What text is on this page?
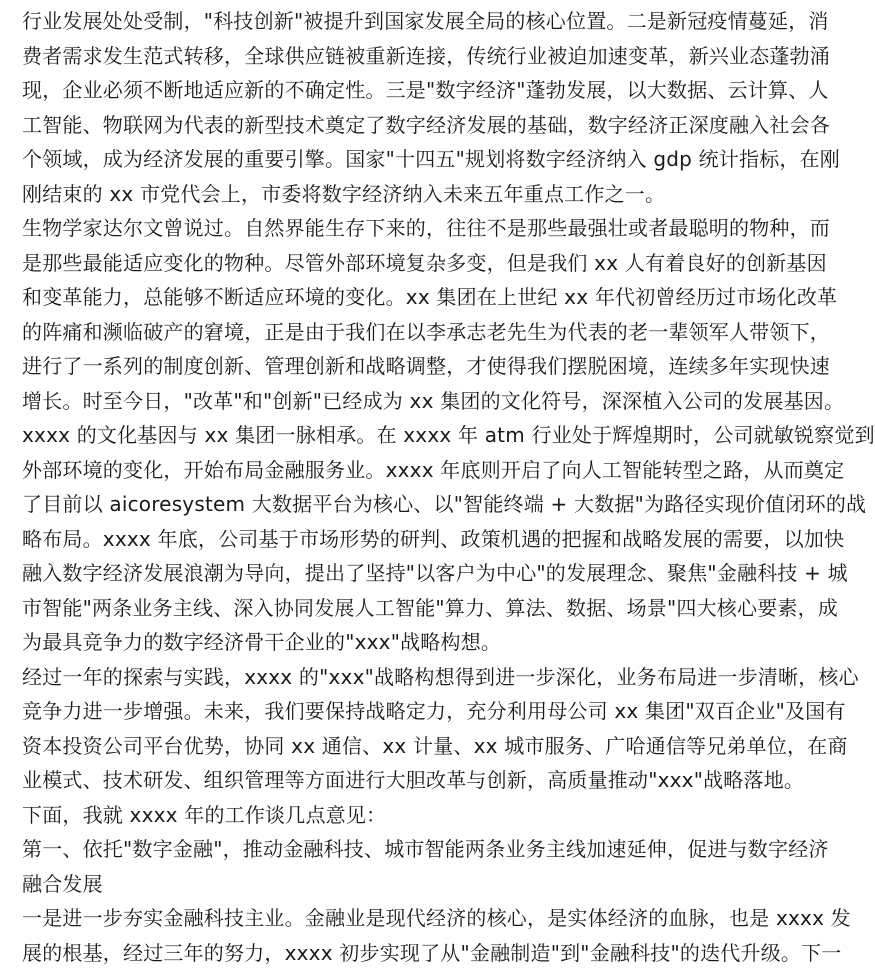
行业发展处处受制，"科技创新"被提升到国家发展全局的核心位置。二是新冠疫情蔓延，消
费者需求发生范式转移，全球供应链被重新连接，传统行业被迫加速变革，新兴业态蓬勃涌
现，企业必须不断地适应新的不确定性。三是"数字经济"蓬勃发展，以大数据、云计算、人
工智能、物联网为代表的新型技术奠定了数字经济发展的基础，数字经济正深度融入社会各
个领域，成为经济发展的重要引擎。国家"十四五"规划将数字经济纳入 gdp 统计指标，在刚
刚结束的 xx 市党代会上，市委将数字经济纳入未来五年重点工作之一。
生物学家达尔文曾说过。自然界能生存下来的，往往不是那些最强壮或者最聪明的物种，而
是那些最能适应变化的物种。尽管外部环境复杂多变，但是我们 xx 人有着良好的创新基因
和变革能力，总能够不断适应环境的变化。xx 集团在上世纪 xx 年代初曾经历过市场化改革
的阵痛和濒临破产的窘境，正是由于我们在以李承志老先生为代表的老一辈领军人带领下，
进行了一系列的制度创新、管理创新和战略调整，才使得我们摆脱困境，连续多年实现快速
增长。时至今日，"改革"和"创新"已经成为 xx 集团的文化符号，深深植入公司的发展基因。
xxxx 的文化基因与 xx 集团一脉相承。在 xxxx 年 atm 行业处于辉煌期时，公司就敏锐察觉到
外部环境的变化，开始布局金融服务业。xxxx 年底则开启了向人工智能转型之路，从而奠定
了目前以 aicoresystem 大数据平台为核心、以"智能终端 + 大数据"为路径实现价值闭环的战
略布局。xxxx 年底，公司基于市场形势的研判、政策机遇的把握和战略发展的需要，以加快
融入数字经济发展浪潮为导向，提出了坚持"以客户为中心"的发展理念、聚焦"金融科技 + 城
市智能"两条业务主线、深入协同发展人工智能"算力、算法、数据、场景"四大核心要素，成
为最具竞争力的数字经济骨干企业的"xxx"战略构想。
经过一年的探索与实践，xxxx 的"xxx"战略构想得到进一步深化，业务布局进一步清晰，核心
竞争力进一步增强。未来，我们要保持战略定力，充分利用母公司 xx 集团"双百企业"及国有
资本投资公司平台优势，协同 xx 通信、xx 计量、xx 城市服务、广哈通信等兄弟单位，在商
业模式、技术研发、组织管理等方面进行大胆改革与创新，高质量推动"xxx"战略落地。
下面，我就 xxxx 年的工作谈几点意见：
第一、依托"数字金融"，推动金融科技、城市智能两条业务主线加速延伸，促进与数字经济
融合发展
一是进一步夯实金融科技主业。金融业是现代经济的核心，是实体经济的血脉，也是 xxxx 发
展的根基，经过三年的努力，xxxx 初步实现了从"金融制造"到"金融科技"的迭代升级。下一
